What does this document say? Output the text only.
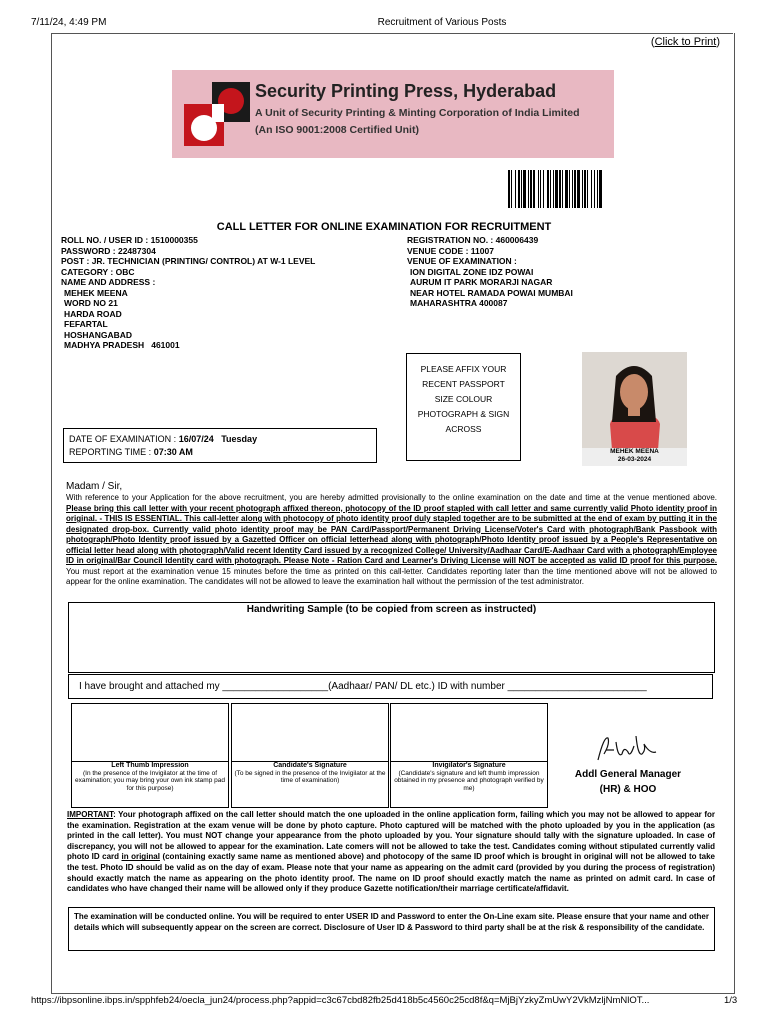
7/11/24, 4:49 PM	Recruitment of Various Posts
(Click to Print)
Security Printing Press, Hyderabad
A Unit of Security Printing & Minting Corporation of India Limited
(An ISO 9001:2008 Certified Unit)
CALL LETTER FOR ONLINE EXAMINATION FOR RECRUITMENT
ROLL NO. / USER ID : 1510000355
PASSWORD : 22487304
POST : JR. TECHNICIAN (PRINTING/ CONTROL) AT W-1 LEVEL
CATEGORY : OBC
NAME AND ADDRESS :
MEHEK MEENA
WORD NO 21
HARDA ROAD
FEFARTAL
HOSHANGABAD
MADHYA PRADESH   461001
REGISTRATION NO. : 460006439
VENUE CODE : 11007
VENUE OF EXAMINATION :
ION DIGITAL ZONE IDZ POWAI
AURUM IT PARK MORARJI NAGAR
NEAR HOTEL RAMADA POWAI MUMBAI
MAHARASHTRA 400087
PLEASE AFFIX YOUR
RECENT PASSPORT
SIZE COLOUR
PHOTOGRAPH & SIGN
ACROSS
MEHEK MEENA
26-03-2024
DATE OF EXAMINATION : 16/07/24   Tuesday
REPORTING TIME : 07:30 AM
Madam / Sir,
With reference to your Application for the above recruitment, you are hereby admitted provisionally to the online examination on the date and time at the venue mentioned above. Please bring this call letter with your recent photograph affixed thereon, photocopy of the ID proof stapled with call letter and same currently valid Photo identity proof in original. - THIS IS ESSENTIAL. This call-letter along with photocopy of photo identity proof duly stapled together are to be submitted at the end of exam by putting it in the designated drop-box. Currently valid photo identity proof may be PAN Card/Passport/Permanent Driving License/Voter's Card with photograph/Bank Passbook with photograph/Photo Identity proof issued by a Gazetted Officer on official letterhead along with photograph/Photo Identity proof issued by a People's Representative on official letter head along with photograph/Valid recent Identity Card issued by a recognized College/ University/Aadhaar Card/E-Aadhaar Card with a photograph/Employee ID in original/Bar Council Identity card with photograph. Please Note - Ration Card and Learner's Driving License will NOT be accepted as valid ID proof for this purpose. You must report at the examination venue 15 minutes before the time as printed on this call-letter. Candidates reporting later than the time mentioned above will not be allowed to appear for the online examination. The candidates will not be allowed to leave the examination hall without the permission of the test administrator.
Handwriting Sample (to be copied from screen as instructed)
I have brought and attached my ___________________(Aadhaar/ PAN/ DL etc.) ID with number _________________________
Left Thumb Impression
(In the presence of the Invigilator at the time of examination; you may bring your own ink stamp pad for this purpose)
Candidate's Signature
(To be signed in the presence of the Invigilator at the time of examination)
Invigilator's Signature
(Candidate's signature and left thumb impression obtained in my presence and photograph verified by me)
Addl General Manager
(HR) & HOO
IMPORTANT: Your photograph affixed on the call letter should match the one uploaded in the online application form, failing which you may not be allowed to appear for the examination. Registration at the exam venue will be done by photo capture. Photo captured will be matched with the photo uploaded by you in the application (as printed in the call letter). You must NOT change your appearance from the photo uploaded by you. Your signature should tally with the signature uploaded. In case of discrepancy, you will not be allowed to appear for the examination. Late comers will not be allowed to take the test. Candidates coming without stipulated currently valid photo ID card in original (containing exactly same name as mentioned above) and photocopy of the same ID proof which is brought in original will not be allowed to take the test. Photo ID should be valid as on the day of exam. Please note that your name as appearing on the admit card (provided by you during the process of registration) should exactly match the name as appearing on the photo identity proof. The name on ID proof should exactly match the name as printed on admit card. In case of candidates who have changed their name will be allowed only if they produce Gazette notification/their marriage certificate/affidavit.
The examination will be conducted online. You will be required to enter USER ID and Password to enter the On-Line exam site. Please ensure that your name and other details which will subsequently appear on the screen are correct. Disclosure of User ID & Password to third party shall be at the risk & responsibility of the candidate.
https://ibpsonline.ibps.in/spphfeb24/oecla_jun24/process.php?appid=c3c67cbd82fb25d418b5c4560c25cd8f&q=MjBjYzkyZmUwY2VkMzljNmNlOT...	1/3
